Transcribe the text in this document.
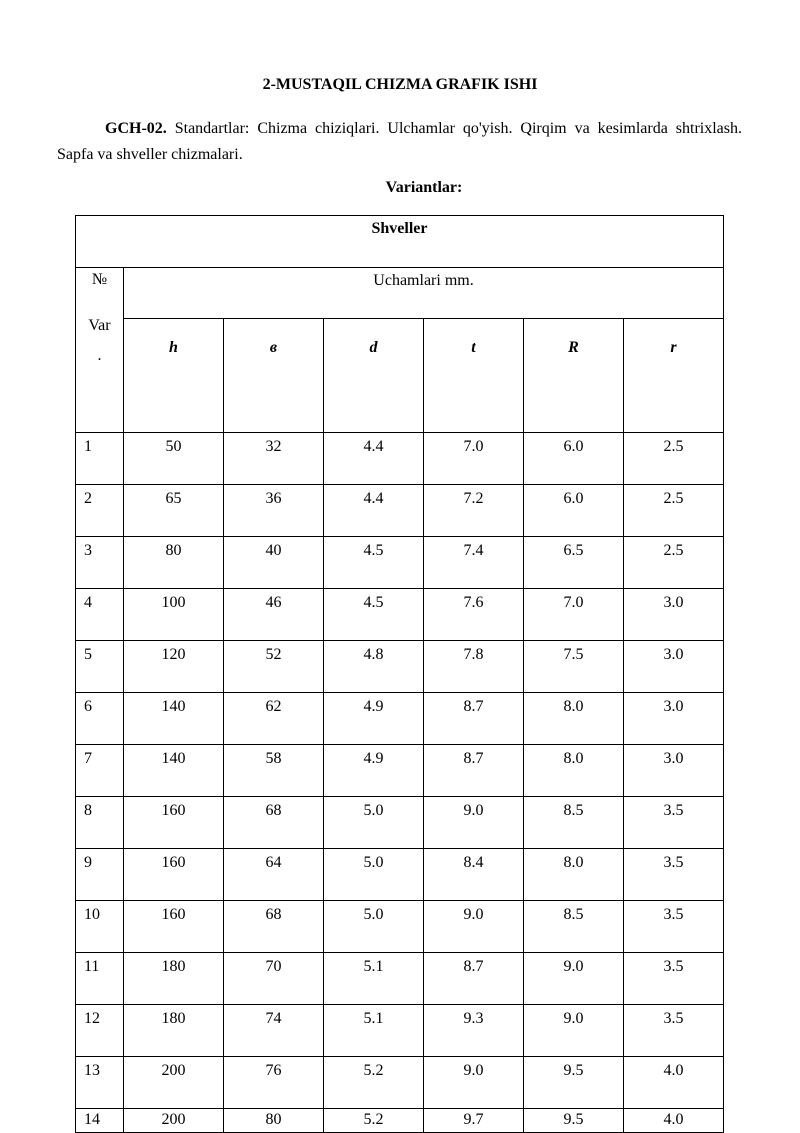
2-MUSTAQIL CHIZMA GRAFIK ISHI
GCH-02. Standartlar: Chizma chiziqlari. Ulchamlar qo'yish. Qirqim va kesimlarda shtrixlash. Sapfa va shveller chizmalari.
Variantlar:
Shveller						

№
Var
.	Uchamlari mm.					
	h	в	d	t	R	r
1	50	32	4.4	7.0	6.0	2.5
2	65	36	4.4	7.2	6.0	2.5
3	80	40	4.5	7.4	6.5	2.5
4	100	46	4.5	7.6	7.0	3.0
5	120	52	4.8	7.8	7.5	3.0
6	140	62	4.9	8.7	8.0	3.0
7	140	58	4.9	8.7	8.0	3.0
8	160	68	5.0	9.0	8.5	3.5
9	160	64	5.0	8.4	8.0	3.5
10	160	68	5.0	9.0	8.5	3.5
11	180	70	5.1	8.7	9.0	3.5
12	180	74	5.1	9.3	9.0	3.5
13	200	76	5.2	9.0	9.5	4.0
14	200	80	5.2	9.7	9.5	4.0
